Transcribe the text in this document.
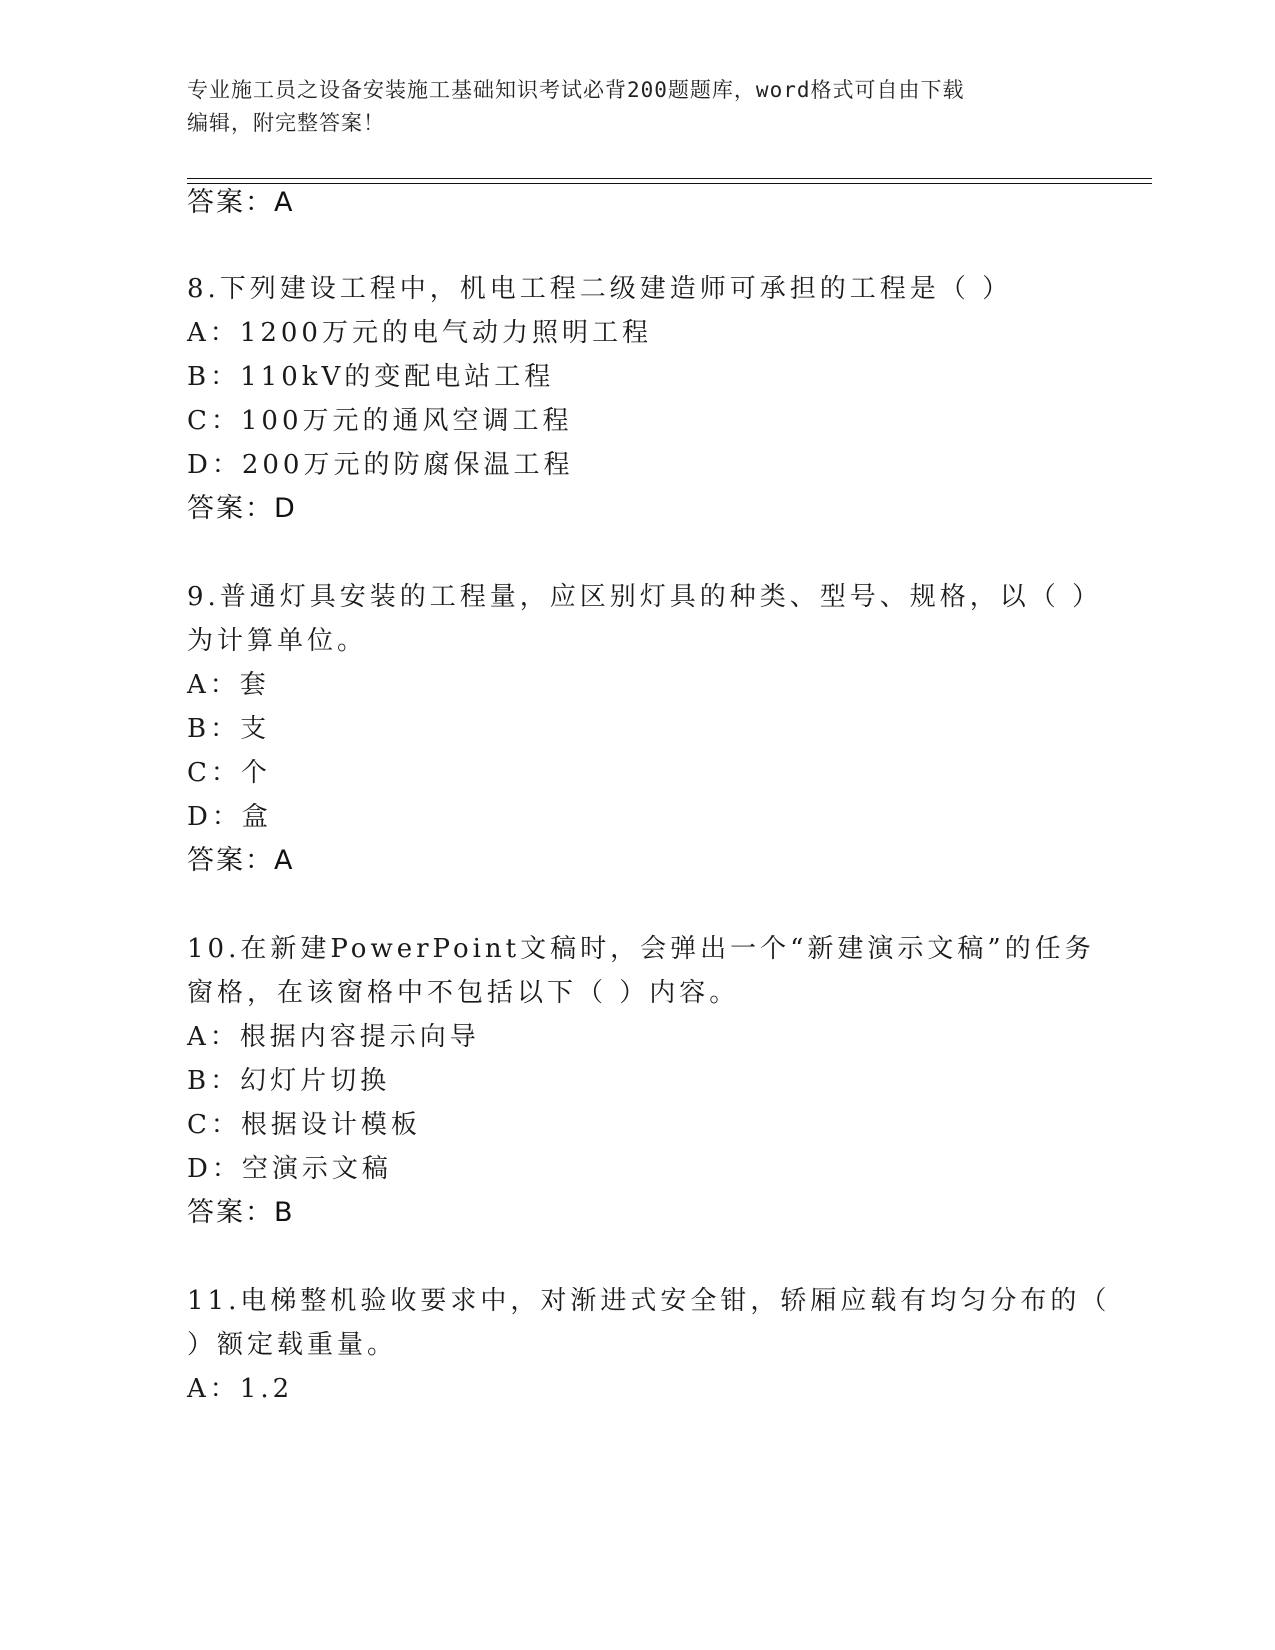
专业施工员之设备安装施工基础知识考试必背200题题库，word格式可自由下载
编辑，附完整答案！
答案：A
8.下列建设工程中，机电工程二级建造师可承担的工程是（ ）
A：1200万元的电气动力照明工程
B：110kV的变配电站工程
C：100万元的通风空调工程
D：200万元的防腐保温工程
答案：D
9.普通灯具安装的工程量，应区别灯具的种类、型号、规格，以（ ）
为计算单位。
A：套
B：支
C：个
D：盒
答案：A
10.在新建PowerPoint文稿时，会弹出一个“新建演示文稿”的任务
窗格，在该窗格中不包括以下（ ）内容。
A：根据内容提示向导
B：幻灯片切换
C：根据设计模板
D：空演示文稿
答案：B
11.电梯整机验收要求中，对渐进式安全钳，轿厢应载有均匀分布的（
）额定载重量。
A：1.2
